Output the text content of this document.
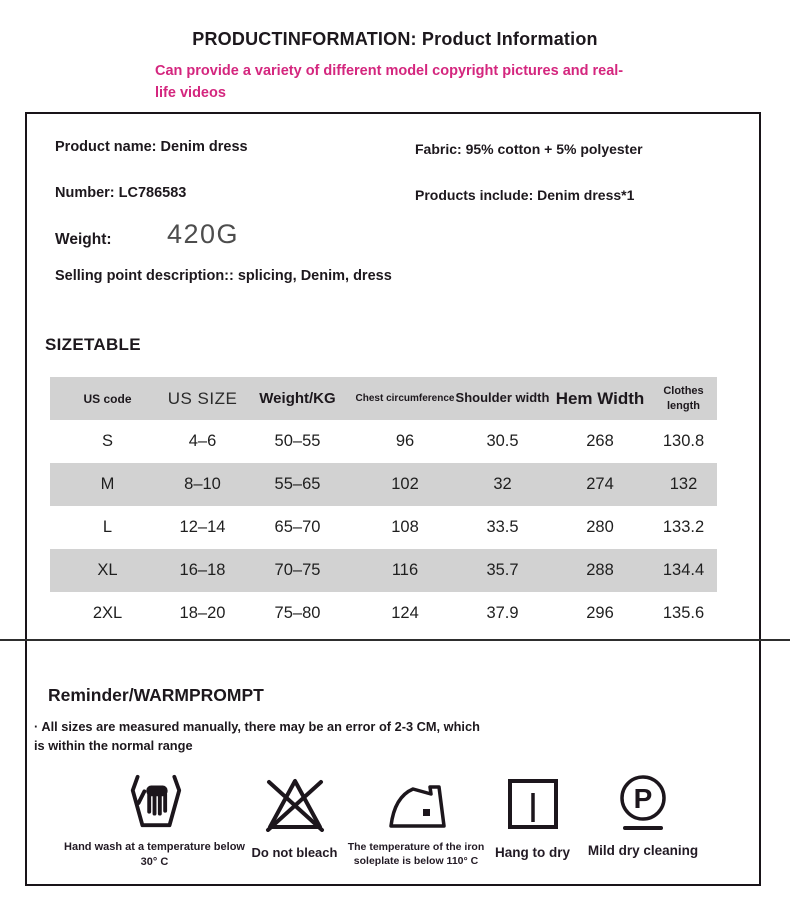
PRODUCTINFORMATION: Product Information
Can provide a variety of different model copyright pictures and real-life videos
Product name: Denim dress
Number: LC786583
Weight: 420G
Selling point description:: splicing, Denim, dress
Fabric: 95% cotton + 5% polyester
Products include: Denim dress*1
SIZETABLE
US code	US SIZE	Weight/KG	Chest circumference	Shoulder width	Hem Width	Clothes length
S	4–6	50–55	96	30.5	268	130.8
M	8–10	55–65	102	32	274	132
L	12–14	65–70	108	33.5	280	133.2
XL	16–18	70–75	116	35.7	288	134.4
2XL	18–20	75–80	124	37.9	296	135.6
Reminder/WARMPROMPT
· All sizes are measured manually, there may be an error of 2-3 CM, which is within the normal range
Hand wash at a temperature below 30° C
Do not bleach The temperature of the iron soleplate is below 110° C
Hang to dry
P
Mild dry cleaning
